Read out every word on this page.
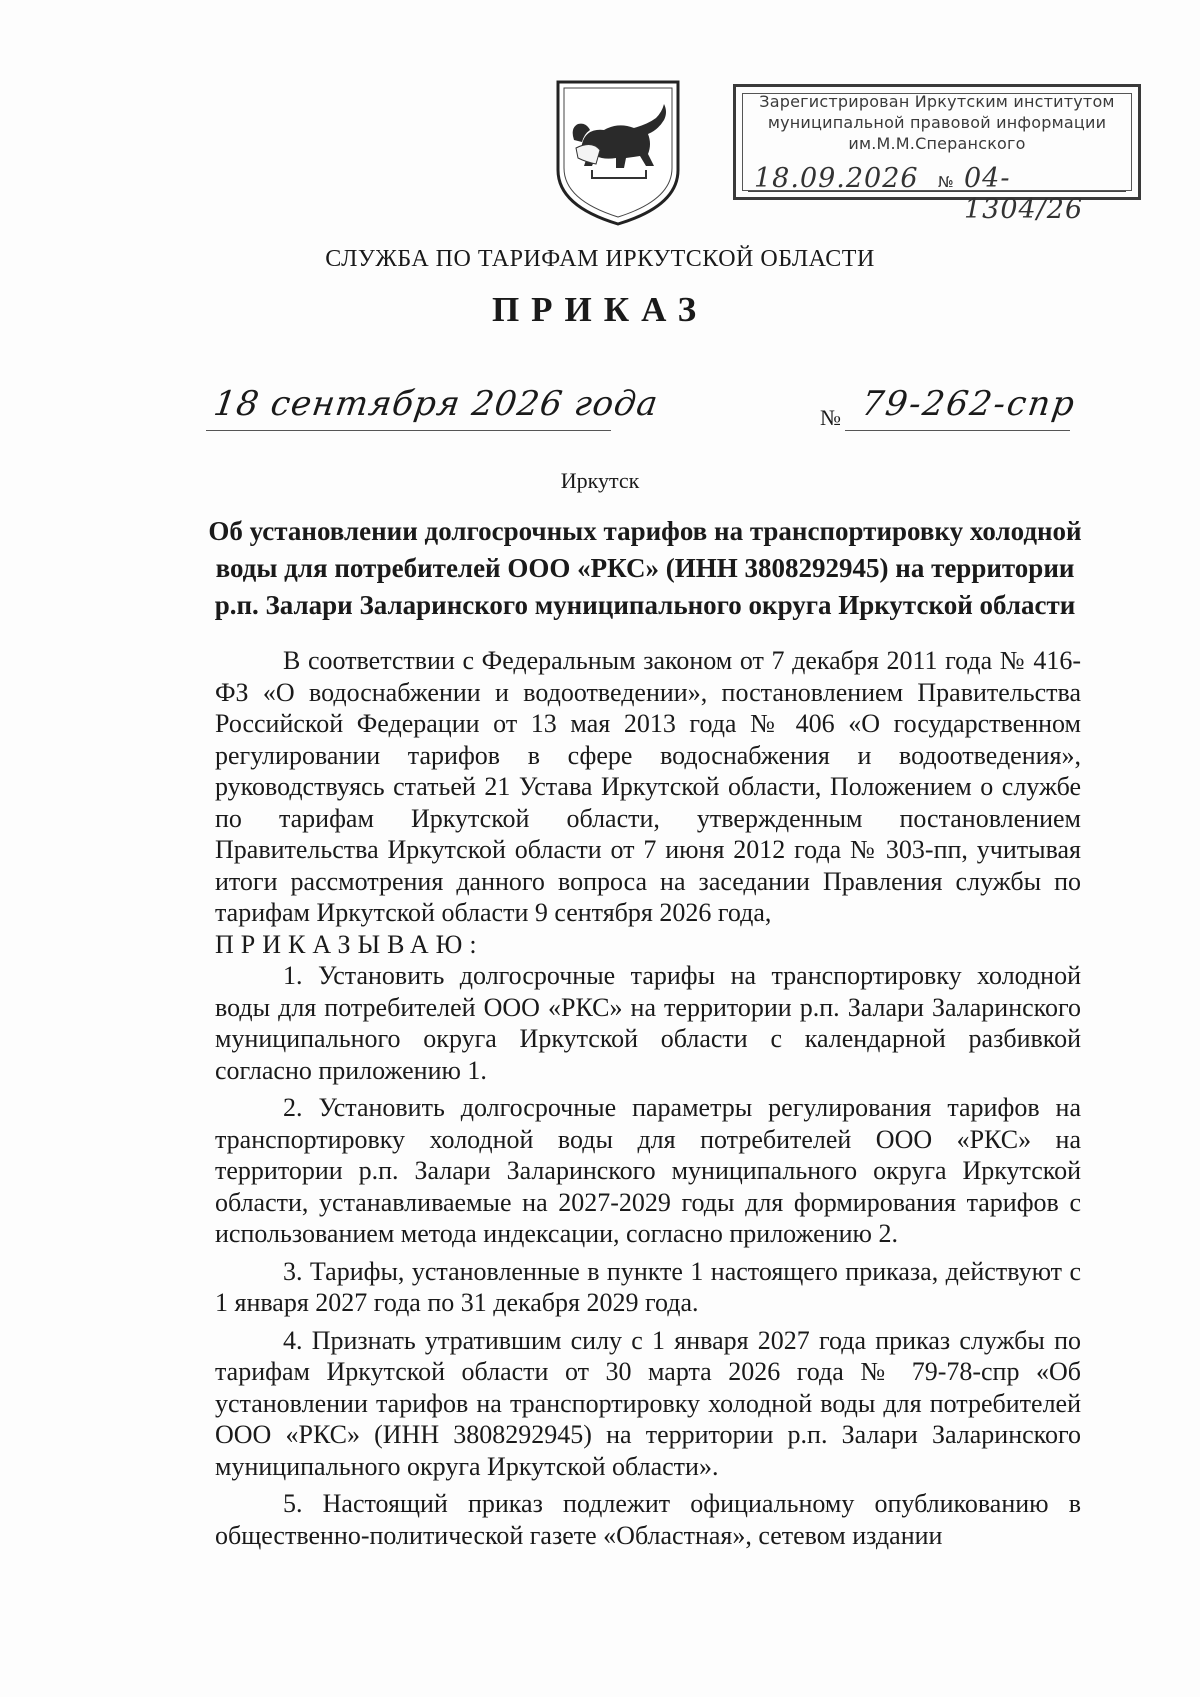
Зарегистрирован Иркутским институтом
муниципальной правовой информации
им.М.М.Сперанского
18.09.2026 № 04-1304/26
СЛУЖБА ПО ТАРИФАМ ИРКУТСКОЙ ОБЛАСТИ
ПРИКАЗ
18 сентября 2026 года	№ 79-262-спр
Иркутск
Об установлении долгосрочных тарифов на транспортировку холодной
воды для потребителей ООО «РКС» (ИНН 3808292945) на территории
р.п. Залари Заларинского муниципального округа Иркутской области

В соответствии с Федеральным законом от 7 декабря 2011 года № 416-ФЗ «О водоснабжении и водоотведении», постановлением Правительства Российской Федерации от 13 мая 2013 года № 406 «О государственном регулировании тарифов в сфере водоснабжения и водоотведения», руководствуясь статьей 21 Устава Иркутской области, Положением о службе по тарифам Иркутской области, утвержденным постановлением Правительства Иркутской области от 7 июня 2012 года № 303-пп, учитывая итоги рассмотрения данного вопроса на заседании Правления службы по тарифам Иркутской области 9 сентября 2026 года,

ПРИКАЗЫВАЮ:

1. Установить долгосрочные тарифы на транспортировку холодной воды для потребителей ООО «РКС» на территории р.п. Залари Заларинского муниципального округа Иркутской области с календарной разбивкой согласно приложению 1.

2. Установить долгосрочные параметры регулирования тарифов на транспортировку холодной воды для потребителей ООО «РКС» на территории р.п. Залари Заларинского муниципального округа Иркутской области, устанавливаемые на 2027-2029 годы для формирования тарифов с использованием метода индексации, согласно приложению 2.

3. Тарифы, установленные в пункте 1 настоящего приказа, действуют с 1 января 2027 года по 31 декабря 2029 года.

4. Признать утратившим силу с 1 января 2027 года приказ службы по тарифам Иркутской области от 30 марта 2026 года № 79-78-спр «Об установлении тарифов на транспортировку холодной воды для потребителей ООО «РКС» (ИНН 3808292945) на территории р.п. Залари Заларинского муниципального округа Иркутской области».

5. Настоящий приказ подлежит официальному опубликованию в общественно-политической газете «Областная», сетевом издании
